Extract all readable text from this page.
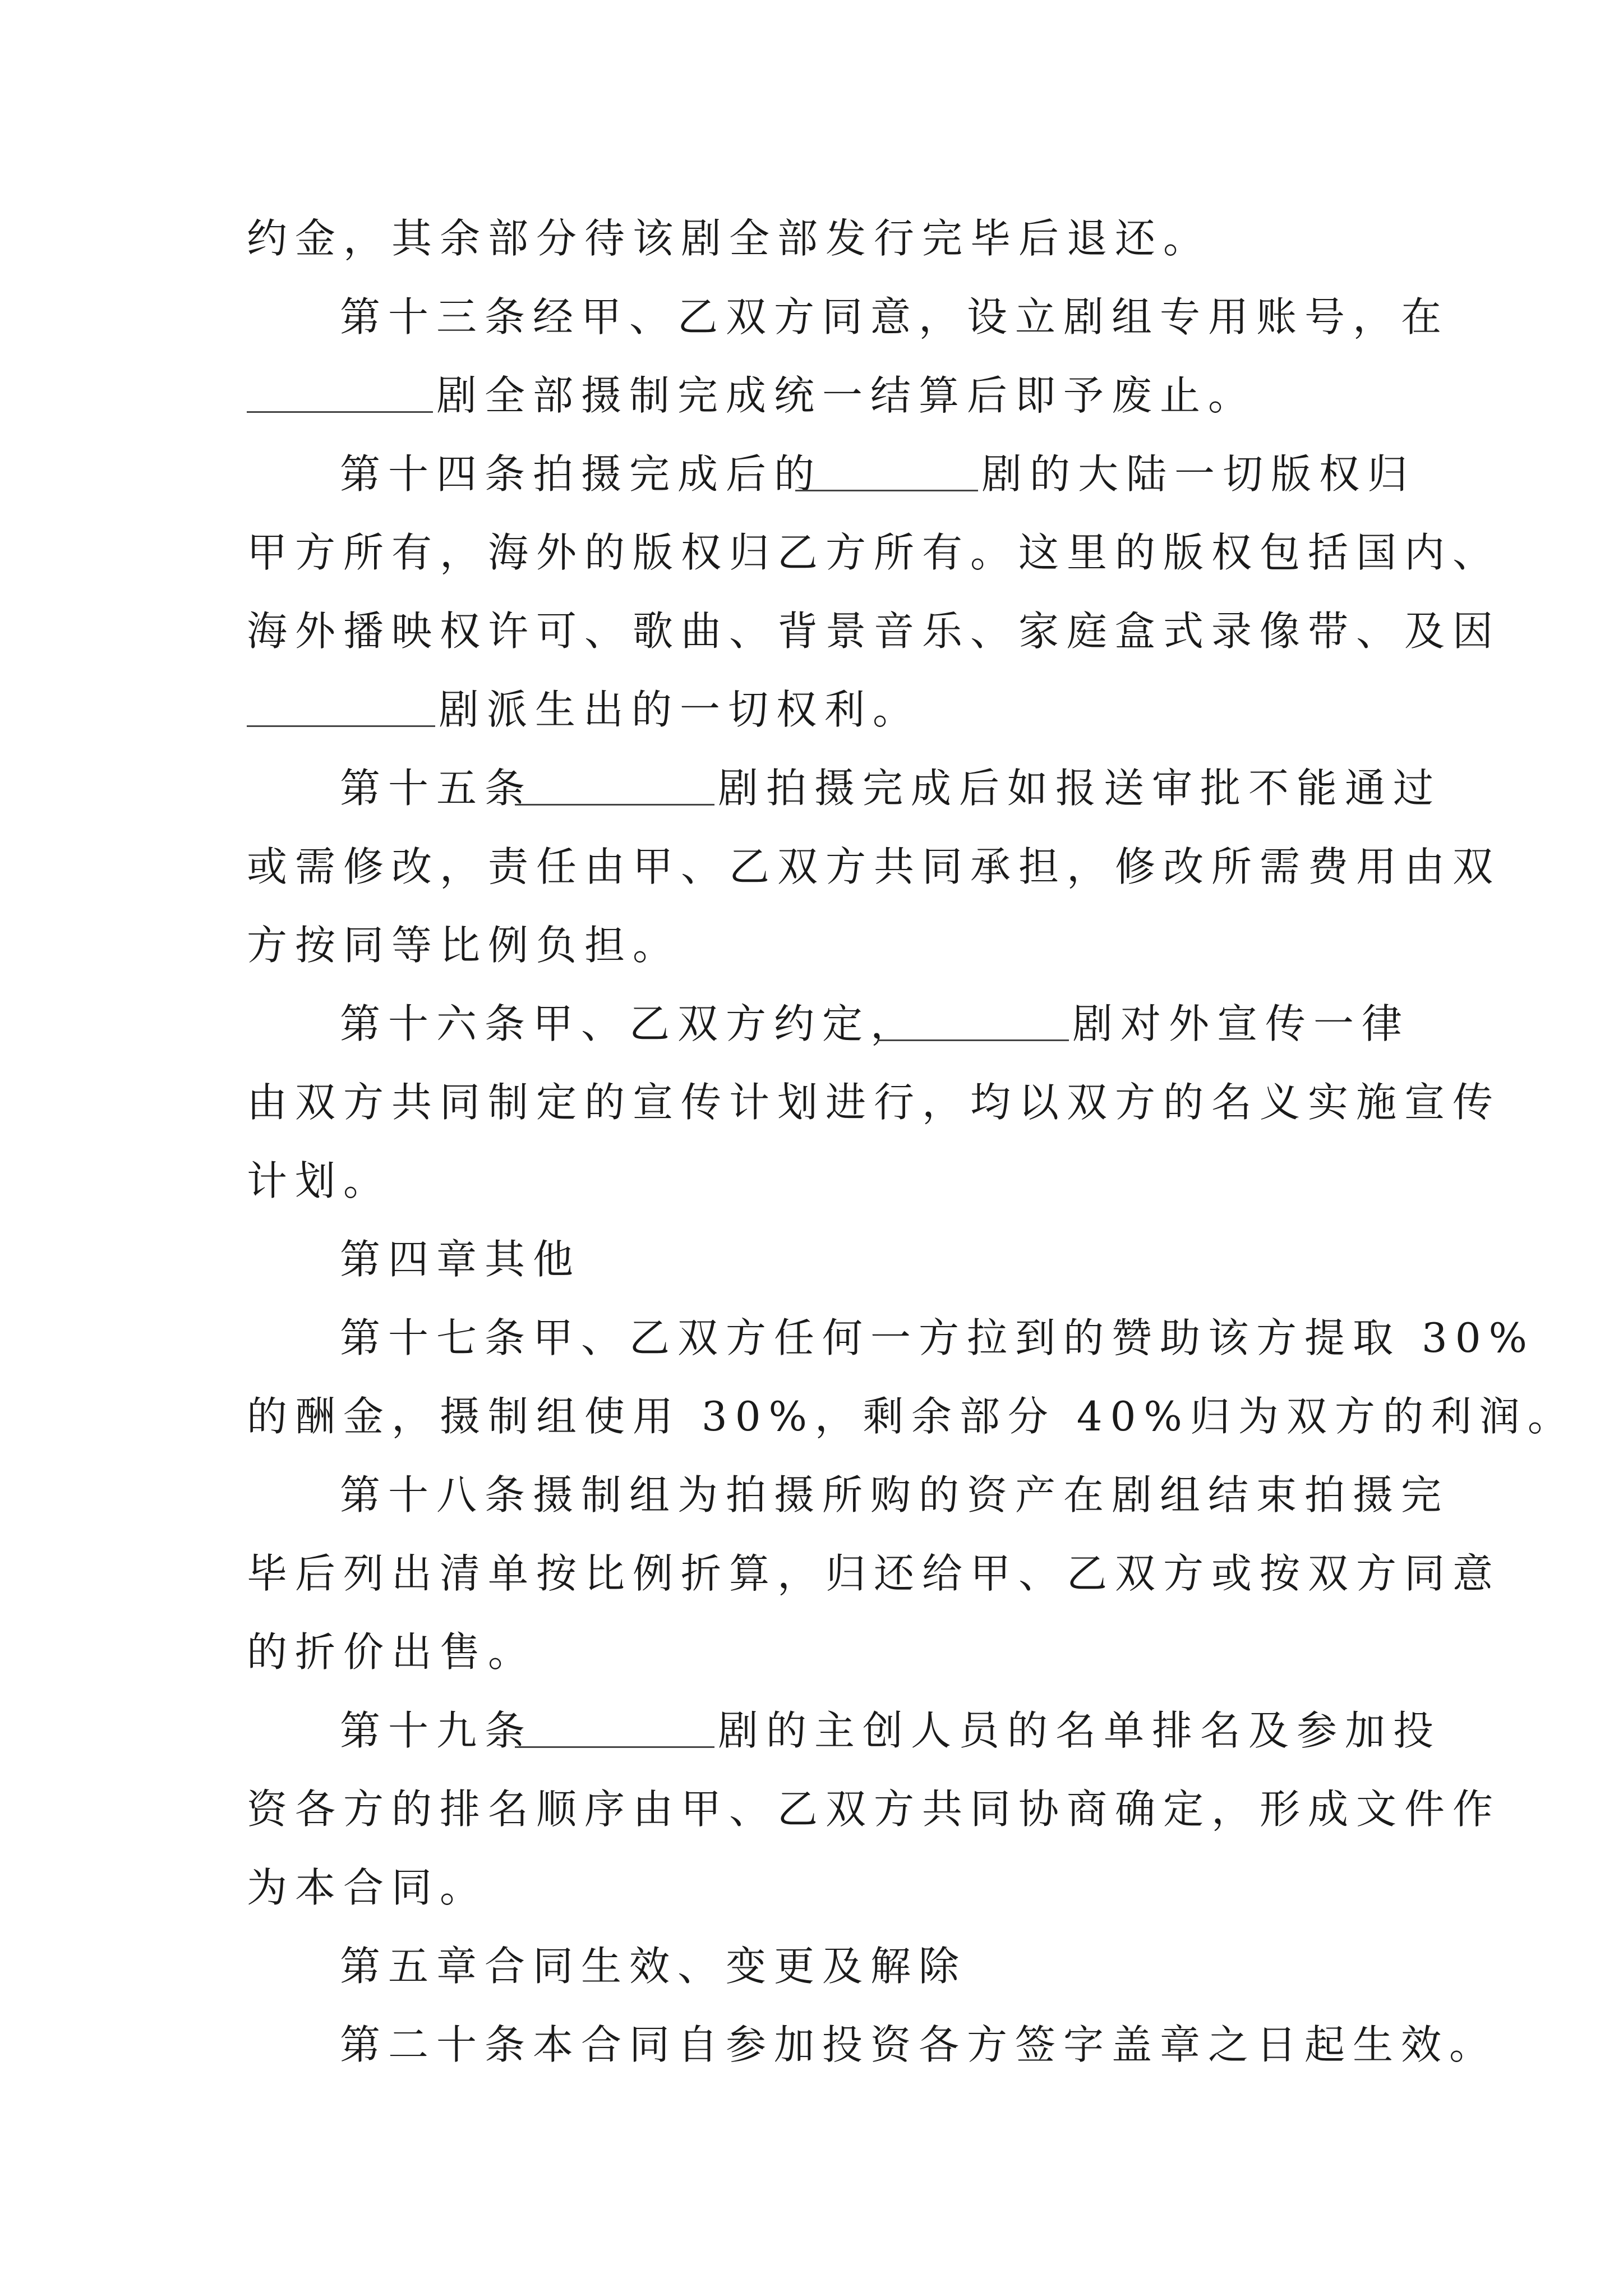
约金，其余部分待该剧全部发行完毕后退还。
第十三条经甲、乙双方同意，设立剧组专用账号，在
剧全部摄制完成统一结算后即予废止。
第十四条拍摄完成后的	剧的大陆一切版权归
甲方所有，海外的版权归乙方所有。这里的版权包括国内、
海外播映权许可、歌曲、背景音乐、家庭盒式录像带、及因
剧派生出的一切权利。
第十五条	剧拍摄完成后如报送审批不能通过
或需修改，责任由甲、乙双方共同承担，修改所需费用由双
方按同等比例负担。
第十六条甲、乙双方约定，	剧对外宣传一律
由双方共同制定的宣传计划进行，均以双方的名义实施宣传
计划。
第四章其他
第十七条甲、乙双方任何一方拉到的赞助该方提取 30%
的酬金，摄制组使用 30%，剩余部分 40%归为双方的利润。
第十八条摄制组为拍摄所购的资产在剧组结束拍摄完
毕后列出清单按比例折算，归还给甲、乙双方或按双方同意
的折价出售。
第十九条	剧的主创人员的名单排名及参加投
资各方的排名顺序由甲、乙双方共同协商确定，形成文件作
为本合同。
第五章合同生效、变更及解除
第二十条本合同自参加投资各方签字盖章之日起生效。
